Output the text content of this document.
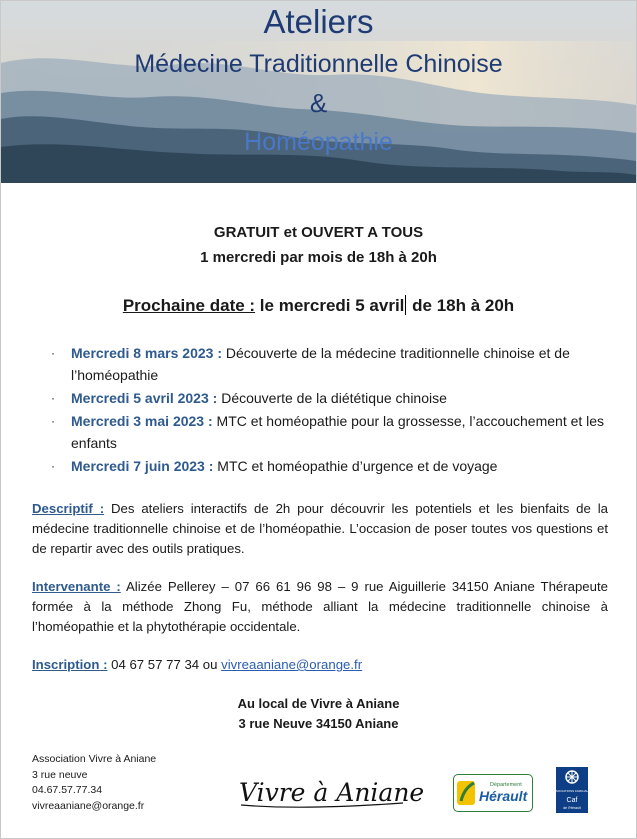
Ateliers
Médecine Traditionnelle Chinoise
&
Homéopathie
GRATUIT et OUVERT A TOUS
1 mercredi par mois de 18h à 20h
Prochaine date : le mercredi 5 avril de 18h à 20h
· Mercredi 8 mars 2023 : Découverte de la médecine traditionnelle chinoise et de l’homéopathie
· Mercredi 5 avril 2023 : Découverte de la diététique chinoise
· Mercredi 3 mai 2023 : MTC et homéopathie pour la grossesse, l’accouchement et les enfants
· Mercredi 7 juin 2023 : MTC et homéopathie d’urgence et de voyage
Descriptif : Des ateliers interactifs de 2h pour découvrir les potentiels et les bienfaits de la médecine traditionnelle chinoise et de l’homéopathie. L’occasion de poser toutes vos questions et de repartir avec des outils pratiques.
Intervenante : Alizée Pellerey – 07 66 61 96 98 – 9 rue Aiguillerie 34150 Aniane Thérapeute formée à la méthode Zhong Fu, méthode alliant la médecine traditionnelle chinoise à l’homéopathie et la phytothérapie occidentale.
Inscription : 04 67 57 77 34 ou vivreaaniane@orange.fr
Au local de Vivre à Aniane
3 rue Neuve 34150 Aniane
Association Vivre à Aniane
3 rue neuve
04.67.57.77.34
vivreaaniane@orange.fr	Vivre à Aniane	Département
Hérault	ASSOCIATIONS FAMILIALES
Caf
de l'Hérault
